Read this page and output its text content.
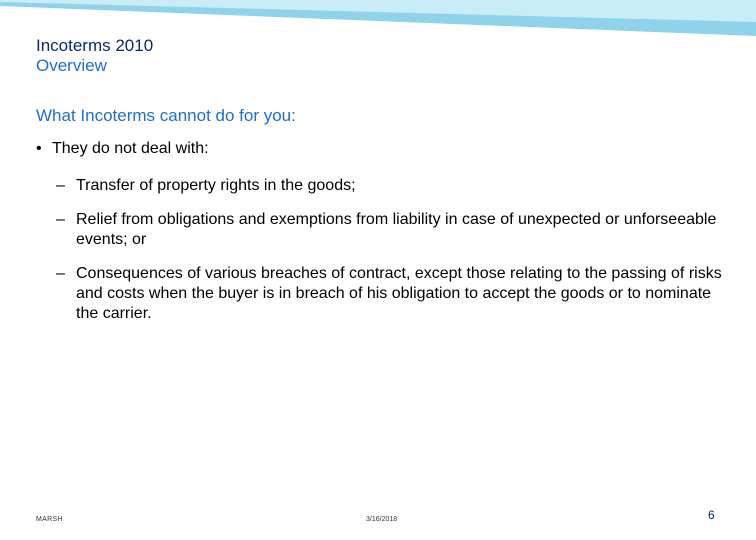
Incoterms 2010
Overview
What Incoterms cannot do for you:
• They do not deal with:
– Transfer of property rights in the goods;
– Relief from obligations and exemptions from liability in case of unexpected or unforseeable events; or
– Consequences of various breaches of contract, except those relating to the passing of risks and costs when the buyer is in breach of his obligation to accept the goods or to nominate the carrier.
MARSH	3/16/2018	6
